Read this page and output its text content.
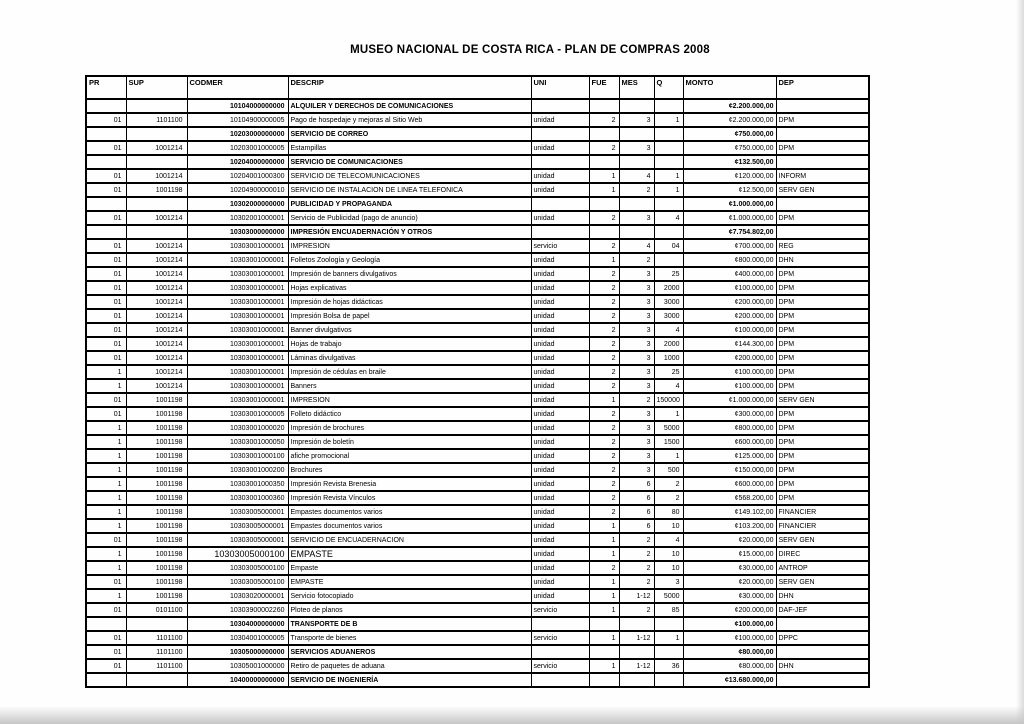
MUSEO NACIONAL DE COSTA RICA - PLAN DE COMPRAS 2008
PR	SUP	CODMER	DESCRIP	UNI	FUE	MES	Q	MONTO	DEP
		10104000000000	ALQUILER Y DERECHOS DE COMUNICACIONES					¢2.200.000,00	
01	1101100	10104900000005	Pago de hospedaje y mejoras al Sitio Web	unidad	2	3	1	¢2.200.000,00	DPM
		10203000000000	SERVICIO DE CORREO					¢750.000,00	
01	1001214	10203001000005	Estampillas	unidad	2	3		¢750.000,00	DPM
		10204000000000	SERVICIO DE COMUNICACIONES					¢132.500,00	
01	1001214	10204001000300	SERVICIO DE TELECOMUNICACIONES	unidad	1	4	1	¢120.000,00	INFORM
01	1001198	10204900000010	SERVICIO DE INSTALACION DE LINEA TELEFONICA	unidad	1	2	1	¢12.500,00	SERV GEN
		10302000000000	PUBLICIDAD Y PROPAGANDA					¢1.000.000,00	
01	1001214	10302001000001	Servicio de Publicidad (pago de anuncio)	unidad	2	3	4	¢1.000.000,00	DPM
		10303000000000	IMPRESIÓN ENCUADERNACIÓN Y OTROS					¢7.754.802,00	
01	1001214	10303001000001	IMPRESION	servicio	2	4	04	¢700.000,00	REG
01	1001214	10303001000001	Folletos Zoología y Geología	unidad	1	2		¢800.000,00	DHN
01	1001214	10303001000001	Impresión de banners divulgativos	unidad	2	3	25	¢400.000,00	DPM
01	1001214	10303001000001	Hojas explicativas	unidad	2	3	2000	¢100.000,00	DPM
01	1001214	10303001000001	Impresión de hojas didácticas	unidad	2	3	3000	¢200.000,00	DPM
01	1001214	10303001000001	Impresión Bolsa de papel	unidad	2	3	3000	¢200.000,00	DPM
01	1001214	10303001000001	Banner divulgativos	unidad	2	3	4	¢100.000,00	DPM
01	1001214	10303001000001	Hojas de trabajo	unidad	2	3	2000	¢144.300,00	DPM
01	1001214	10303001000001	Láminas divulgativas	unidad	2	3	1000	¢200.000,00	DPM
1	1001214	10303001000001	Impresión de cédulas en braile	unidad	2	3	25	¢100.000,00	DPM
1	1001214	10303001000001	Banners	unidad	2	3	4	¢100.000,00	DPM
01	1001198	10303001000001	IMPRESION	unidad	1	2	150000	¢1.000.000,00	SERV GEN
01	1001198	10303001000005	Folleto didáctico	unidad	2	3	1	¢300.000,00	DPM
1	1001198	10303001000020	Impresión de brochures	unidad	2	3	5000	¢800.000,00	DPM
1	1001198	10303001000050	Impresión de boletín	unidad	2	3	1500	¢600.000,00	DPM
1	1001198	10303001000100	afiche promocional	unidad	2	3	1	¢125.000,00	DPM
1	1001198	10303001000200	Brochures	unidad	2	3	500	¢150.000,00	DPM
1	1001198	10303001000350	Impresión Revista Brenesia	unidad	2	6	2	¢600.000,00	DPM
1	1001198	10303001000360	Impresión Revista Vínculos	unidad	2	6	2	¢568.200,00	DPM
1	1001198	10303005000001	Empastes documentos varios	unidad	2	6	80	¢149.102,00	FINANCIER
1	1001198	10303005000001	Empastes documentos varios	unidad	1	6	10	¢103.200,00	FINANCIER
01	1001198	10303005000001	SERVICIO DE ENCUADERNACION	unidad	1	2	4	¢20.000,00	SERV GEN
1	1001198	10303005000100	EMPASTE	unidad	1	2	10	¢15.000,00	DIREC
1	1001198	10303005000100	Empaste	unidad	2	2	10	¢30.000,00	ANTROP
01	1001198	10303005000100	EMPASTE	unidad	1	2	3	¢20.000,00	SERV GEN
1	1001198	10303020000001	Servicio fotocopiado	unidad	1	1-12	5000	¢30.000,00	DHN
01	0101100	10303900002260	Ploteo de planos	servicio	1	2	85	¢200.000,00	DAF-JEF
		10304000000000	TRANSPORTE DE B					¢100.000,00	
01	1101100	10304001000005	Transporte de bienes	servicio	1	1-12	1	¢100.000,00	DPPC
01	1101100	10305000000000	SERVICIOS ADUANEROS					¢80.000,00	
01	1101100	10305001000000	Retiro de paquetes de aduana	servicio	1	1-12	36	¢80.000,00	DHN
		10400000000000	SERVICIO DE INGENIERÍA					¢13.680.000,00	
